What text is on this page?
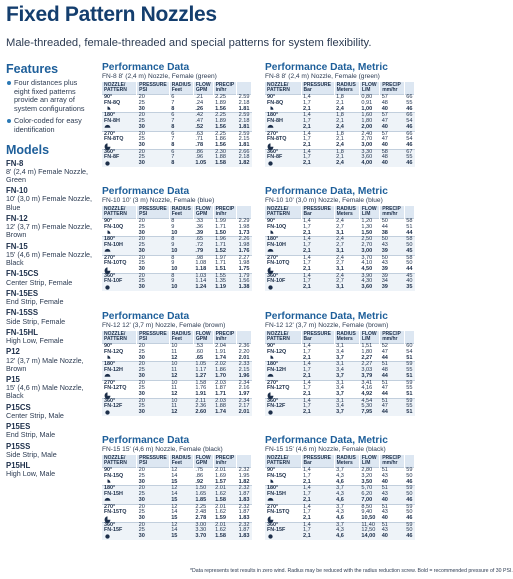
Fixed Pattern Nozzles
Male-threaded, female-threaded and special patterns for system flexibility.
Features
Four distances plus eight fixed patterns provide an array of system configurations
Color-coded for easy identification
Models
FN-8
8' (2,4 m) Female Nozzle, Green
FN-10
10' (3,0 m) Female Nozzle, Blue
FN-12
12' (3,7 m) Female Nozzle, Brown
FN-15
15' (4,6 m) Female Nozzle, Black
FN-15CS
Center Strip, Female
FN-15ES
End Strip, Female
FN-15SS
Side Strip, Female
FN-15HL
High Low, Female
P12
12' (3,7 m) Male Nozzle, Brown
P15
15' (4,6 m) Male Nozzle, Black
P15CS
Center Strip, Male
P15ES
End Strip, Male
P15SS
Side Strip, Male
P15HL
High Low, Male
Performance Data
FN-8 8' (2,4 m) Nozzle, Female (green)
NOZZLE/ PATTERN	PRESSURE PSI	RADIUS Feet	FLOW GPM	PRECIP in/hr	
90°	20	6	.21	2.25	2.59
FN-8Q	25	7	.24	1.89	2.18
	30	8	.26	1.56	1.81
180°	20	6	.42	2.25	2.59
FN-8H	25	7	.47	1.89	2.18
	30	8	.52	1.56	1.81
270°	20	6	.63	2.25	2.59
FN-8TQ	25	7	.71	1.86	2.15
	30	8	.78	1.56	1.81
360°	20	6	.86	2.30	2.66
FN-8F	25	7	.96	1.88	2.18
	30	8	1.05	1.58	1.82
Performance Data, Metric
FN-8 8' (2,4 m) Nozzle, Female (green)
NOZZLE/ PATTERN	PRESSURE Bar	RADIUS Meters	FLOW L/M	PRECIP mm/hr	
90°	1,4	1,8	0,80	57	66
FN-8Q	1,7	2,1	0,91	48	55
	2,1	2,4	1,00	40	46
180°	1,4	1,8	1,60	57	66
FN-8H	1,7	2,1	1,80	47	54
	2,1	2,4	2,00	40	46
270°	1,4	1,8	2,40	57	66
FN-8TQ	1,7	2,1	2,70	47	54
	2,1	2,4	3,00	40	46
360°	1,4	1,8	3,30	58	67
FN-8F	1,7	2,1	3,60	48	55
	2,1	2,4	4,00	40	46
Performance Data
FN-10 10' (3 m) Nozzle, Female (blue)
NOZZLE/ PATTERN	PRESSURE PSI	RADIUS Feet	FLOW GPM	PRECIP in/hr	
90°	20	8	.33	1.99	2.29
FN-10Q	25	9	.36	1.71	1.98
	30	10	.39	1.50	1.73
180°	20	8	.65	1.96	2.26
FN-10H	25	9	.72	1.71	1.98
	30	10	.79	1.52	1.76
270°	20	8	.98	1.97	2.27
FN-10TQ	25	9	1.08	1.71	1.98
	30	10	1.18	1.51	1.75
360°	20	8	1.03	1.55	1.79
FN-10F	25	9	1.14	1.35	1.56
	30	10	1.24	1.19	1.38
Performance Data, Metric
FN-10 10' (3,0 m) Nozzle, Female (blue)
NOZZLE/ PATTERN	PRESSURE Bar	RADIUS Meters	FLOW L/M	PRECIP mm/hr	
90°	1,4	2,4	1,20	50	58
FN-10Q	1,7	2,7	1,30	44	51
	2,1	3,1	1,50	38	44
180°	1,4	2,4	2,50	50	58
FN-10H	1,7	2,7	2,70	43	50
	2,1	3,1	3,00	39	45
270°	1,4	2,4	3,70	50	58
FN-10TQ	1,7	2,7	4,10	43	50
	2,1	3,1	4,50	39	44
360°	1,4	2,4	3,90	39	45
FN-10F	1,7	2,7	4,30	34	40
	2,1	3,1	3,60	39	35
Performance Data
FN-12 12' (3,7 m) Nozzle, Female (brown)
NOZZLE/ PATTERN	PRESSURE PSI	RADIUS Feet	FLOW GPM	PRECIP in/hr	
90°	20	10	.53	2.04	2.36
FN-12Q	25	11	.60	1.91	2.20
	30	12	.65	1.74	2.01
180°	20	10	1.05	2.02	2.33
FN-12H	25	11	1.17	1.86	2.15
	30	12	1.27	1.70	1.96
270°	20	10	1.58	2.03	2.34
FN-12TQ	25	11	1.76	1.87	2.16
	30	12	1.91	1.71	1.97
360°	20	10	2.11	2.03	2.34
FN-12F	25	11	2.36	1.88	2.17
	30	12	2.60	1.74	2.01
Performance Data, Metric
FN-12 12' (3,7 m) Nozzle, Female (brown)
NOZZLE/ PATTERN	PRESSURE Bar	RADIUS Meters	FLOW L/M	PRECIP mm/hr	
90°	1,4	3,1	1,51	52	60
FN-12Q	1,7	3,4	1,80	47	54
	2,1	3,7	2,27	44	51
180°	1,4	3,1	2,27	51	59
FN-12H	1,7	3,4	3,03	48	55
	2,1	3,7	3,79	44	51
270°	1,4	3,1	3,41	51	59
FN-12TQ	1,7	3,4	4,16	47	55
	2,1	3,7	4,92	44	51
360°	1,4	3,1	4,54	51	59
FN-12F	1,7	3,4	5,30	47	55
	2,1	3,7	7,95	44	51
Performance Data
FN-15 15' (4,6 m) Nozzle, Female (black)
NOZZLE/ PATTERN	PRESSURE PSI	RADIUS Feet	FLOW GPM	PRECIP in/hr	
90°	20	12	.75	2.01	2.32
FN-15Q	25	14	.86	1.69	1.95
	30	15	.92	1.57	1.82
180°	20	12	1.50	2.01	2.32
FN-15H	25	14	1.65	1.62	1.87
	30	15	1.85	1.58	1.83
270°	20	12	2.25	2.01	2.32
FN-15TQ	25	14	2.48	1.62	1.87
	30	15	2.78	1.59	1.83
360°	20	12	3.00	2.01	2.32
FN-15F	25	14	3.30	1.62	1.87
	30	15	3.70	1.58	1.83
Performance Data, Metric
FN-15 15' (4,6 m) Nozzle, Female (black)
NOZZLE/ PATTERN	PRESSURE Bar	RADIUS Meters	FLOW L/M	PRECIP mm/hr	
90°	1,4	3,7	2,80	51	59
FN-15Q	1,7	4,3	3,20	43	50
	2,1	4,6	3,50	40	46
180°	1,4	3,7	5,70	51	59
FN-15H	1,7	4,3	6,20	43	50
	2,1	4,6	7,00	40	46
270°	1,4	3,7	8,50	51	59
FN-15TQ	1,7	4,3	9,40	43	50
	2,1	4,6	10,50	40	46
360°	1,4	3,7	11,40	51	59
FN-15F	1,7	4,3	12,50	43	50
	2,1	4,6	14,00	40	46
*Data represents test results in zero wind. Radius may be reduced with the radius reduction screw. Bold = recommended pressure of 30 PSI.
